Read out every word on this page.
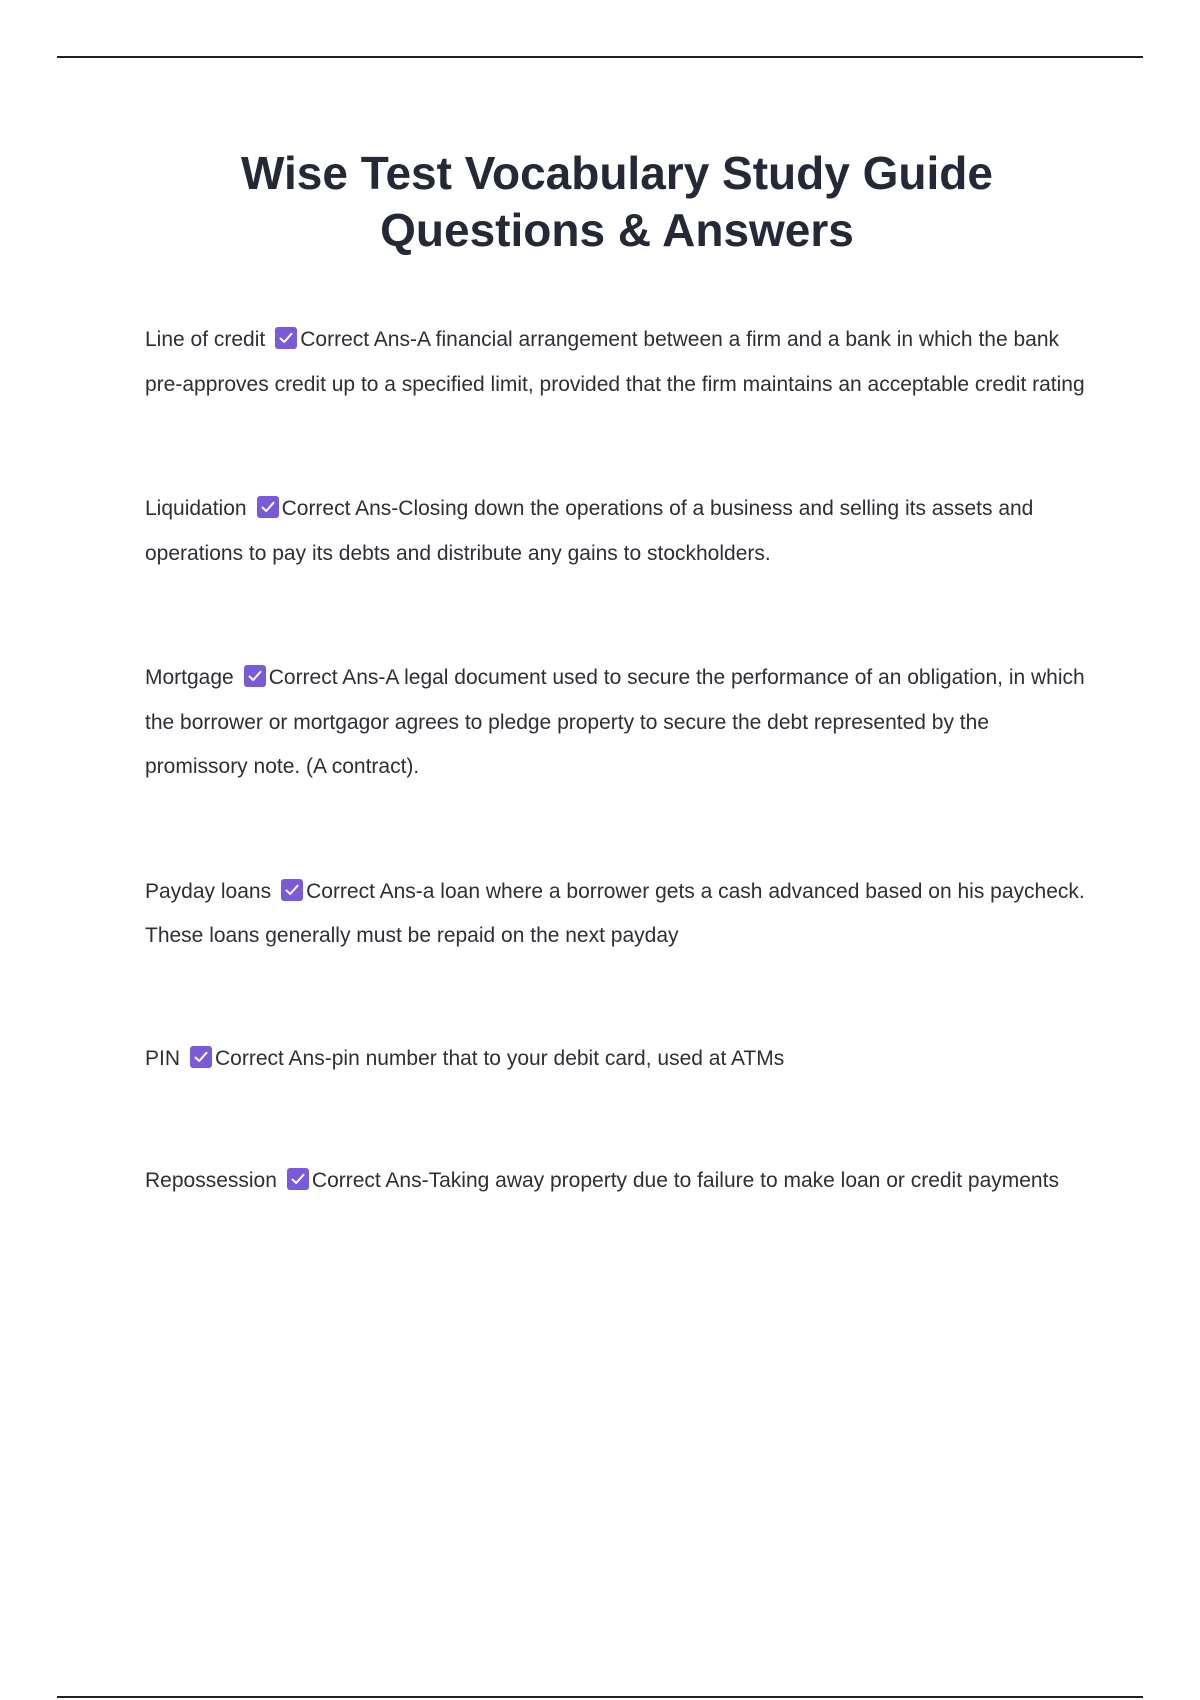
Wise Test Vocabulary Study Guide
Questions & Answers

Line of credit Correct Ans-A financial arrangement between a firm and a bank in which the bank pre-approves credit up to a specified limit, provided that the firm maintains an acceptable credit rating

Liquidation Correct Ans-Closing down the operations of a business and selling its assets and operations to pay its debts and distribute any gains to stockholders.

Mortgage Correct Ans-A legal document used to secure the performance of an obligation, in which the borrower or mortgagor agrees to pledge property to secure the debt represented by the promissory note. (A contract).

Payday loans Correct Ans-a loan where a borrower gets a cash advanced based on his paycheck. These loans generally must be repaid on the next payday

PIN Correct Ans-pin number that to your debit card, used at ATMs

Repossession Correct Ans-Taking away property due to failure to make loan or credit payments
